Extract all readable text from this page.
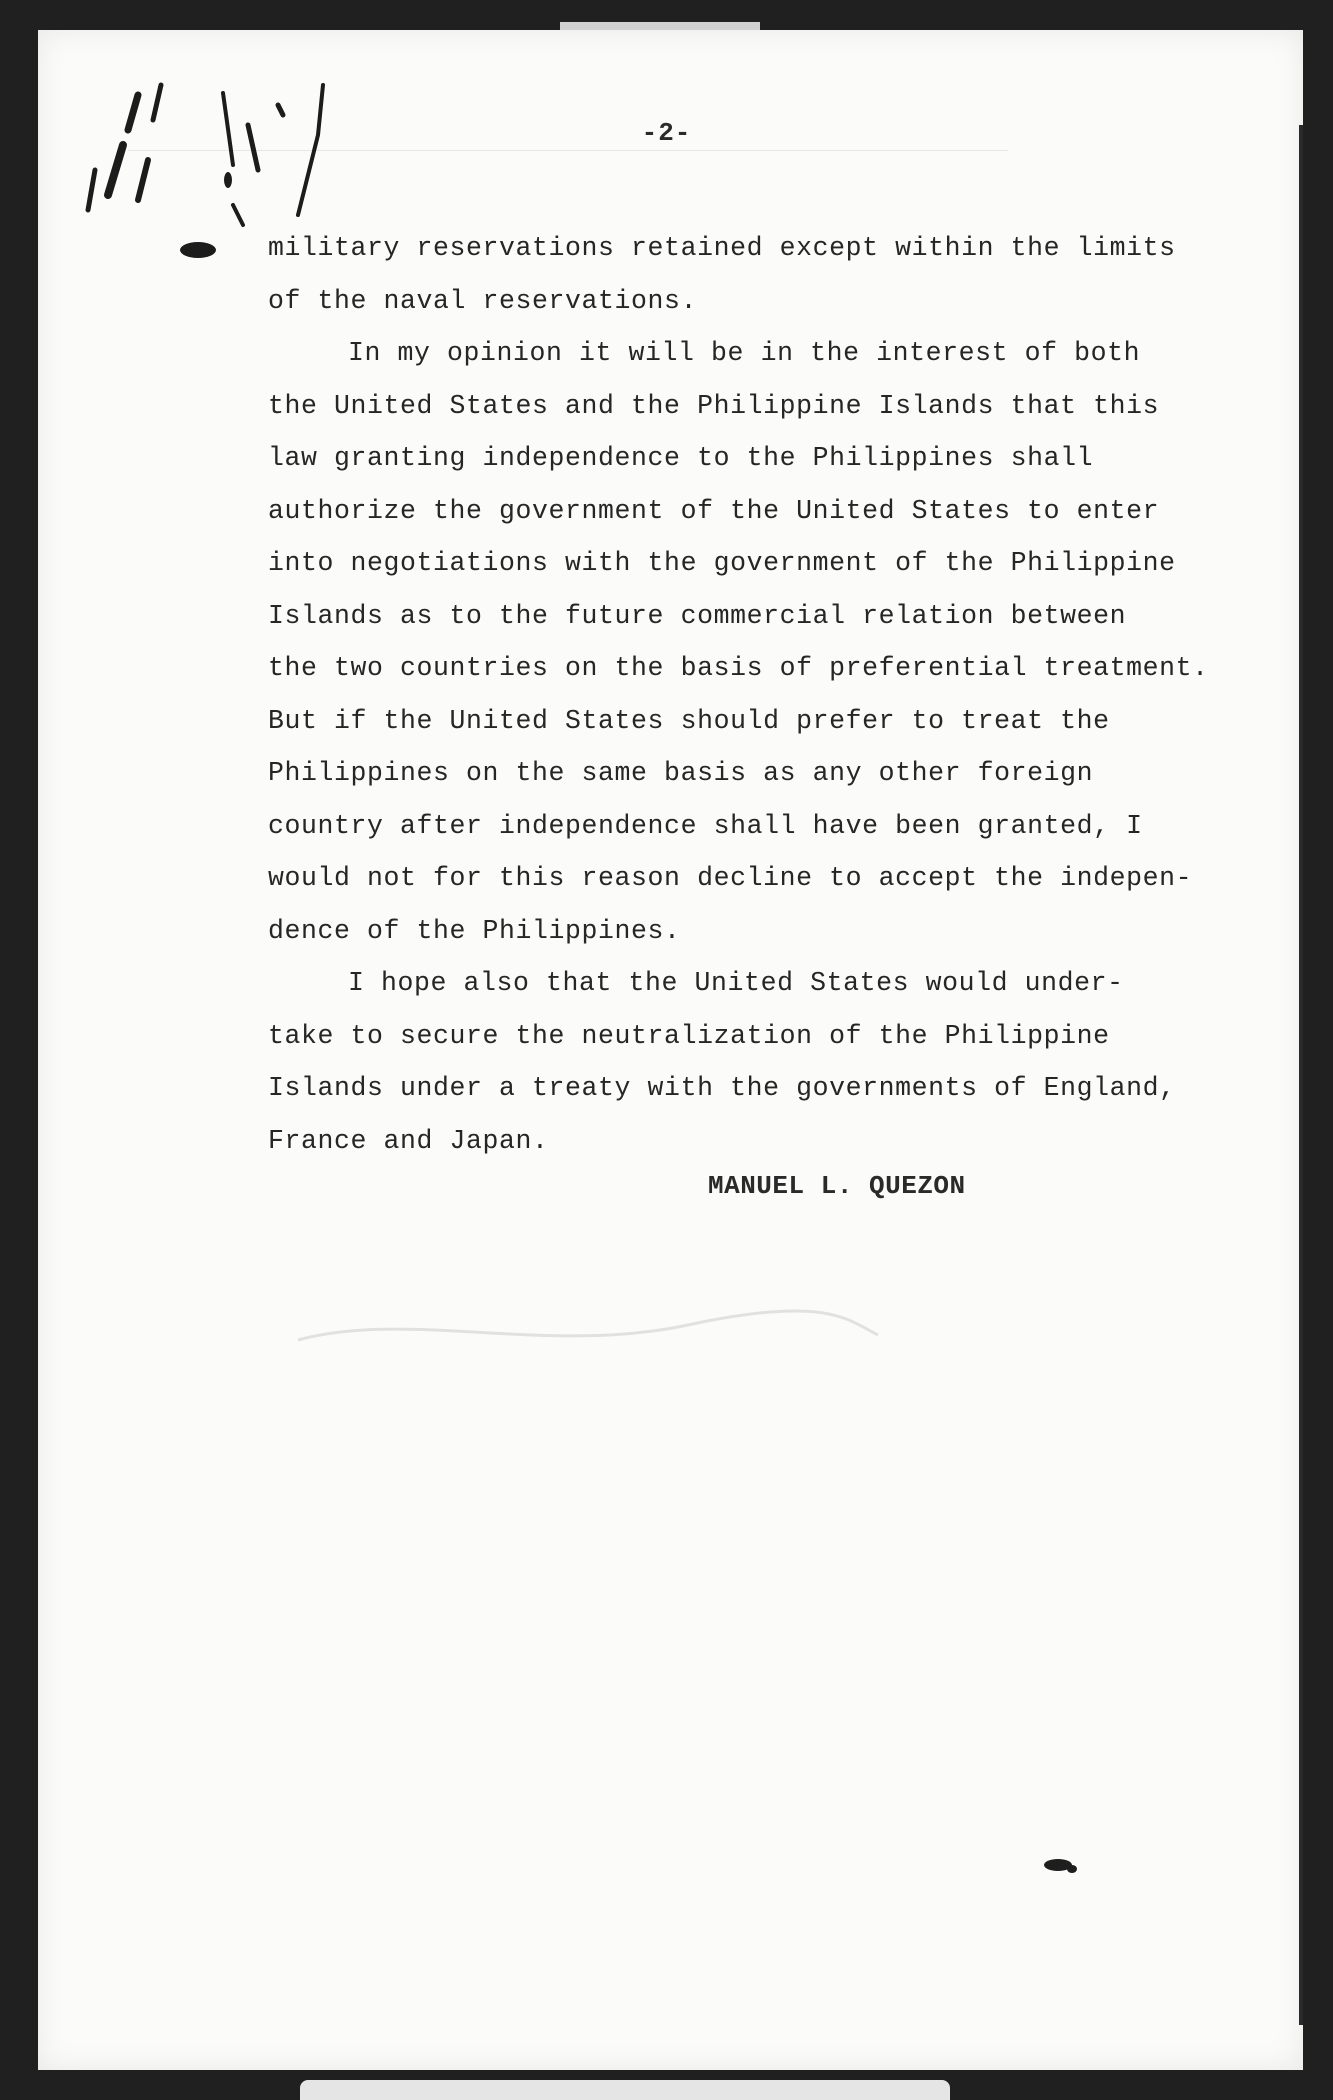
-2-
military reservations retained except within the limits
of the naval reservations.
In my opinion it will be in the interest of both
the United States and the Philippine Islands that this
law granting independence to the Philippines shall
authorize the government of the United States to enter
into negotiations with the government of the Philippine
Islands as to the future commercial relation between
the two countries on the basis of preferential treatment.
But if the United States should prefer to treat the
Philippines on the same basis as any other foreign
country after independence shall have been granted, I
would not for this reason decline to accept the indepen-
dence of the Philippines.
I hope also that the United States would under-
take to secure the neutralization of the Philippine
Islands under a treaty with the governments of England,
France and Japan.
MANUEL L. QUEZON
